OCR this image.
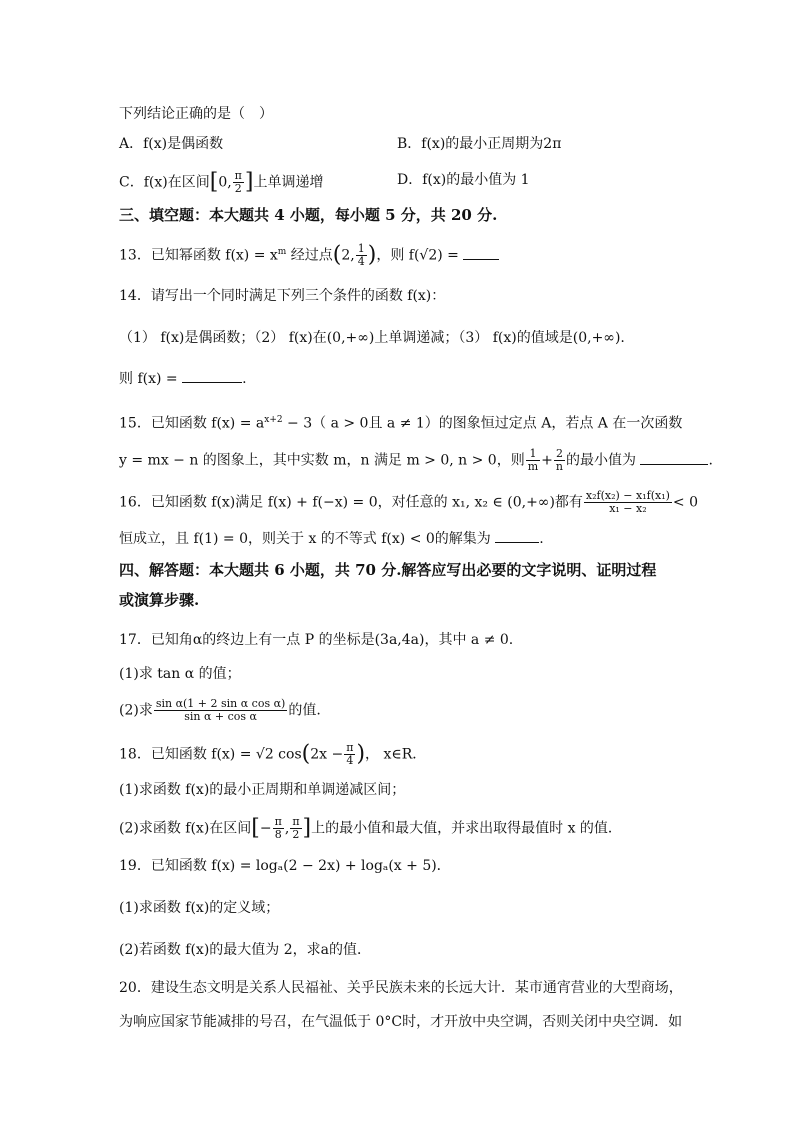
下列结论正确的是（　）
A．f(x)是偶函数	B．f(x)的最小正周期为2π
C．f(x)在区间[0, $\frac{\pi}{2}$ ]上单调递增	D．f(x)的最小值为 1
三、填空题：本大题共 4 小题，每小题 5 分，共 20 分.
13．已知幂函数 $f(x) = x^m$ 经过点(2, $\frac{1}{4}$ )，则 f(√2) =
14．请写出一个同时满足下列三个条件的函数 f(x)：
（1） f(x)是偶函数；（2） f(x)在(0,+∞)上单调递减；（3） f(x)的值域是(0,+∞).
则 f(x) =	.
15．已知函数 $f(x) = a^{x+2} - 3$（ a > 0且 a ≠ 1）的图象恒过定点 A，若点 A 在一次函数
y = mx − n 的图象上，其中实数 m，n 满足 m > 0, n > 0，则 $\frac{1}{m} + \frac{2}{n}$ 的最小值为	.
16．已知函数 f(x)满足 f(x) + f(−x) = 0，对任意的 x₁, x₂ ∈ (0,+∞)都有 $\frac{\text{x₂f(x₂) − x₁f(x₁)}}{\text{x₁ − x₂}} < 0$
恒成立，且 f(1) = 0，则关于 x 的不等式 f(x) < 0的解集为	.
四、解答题：本大题共 6 小题，共 70 分.解答应写出必要的文字说明、证明过程
或演算步骤.
17．已知角α的终边上有一点 P 的坐标是(3a,4a)，其中 a ≠ 0.
(1)求 tan α 的值；
(2)求 $\frac{\text{sin α(1 + 2 sin α cos α)}}{\text{sin α + cos α}}$ 的值.
18．已知函数 f(x) = √2 $\cos(2x - \frac{\pi}{4}$ )， x∈R．
(1)求函数 f(x)的最小正周期和单调递减区间；
(2)求函数 f(x)在区间[− $\frac{\pi}{8}$ , $\frac{\pi}{2}$ ]上的最小值和最大值，并求出取得最值时 x 的值．
19．已知函数 f(x) = logₐ(2 − 2x) + logₐ(x + 5)．
(1)求函数 f(x)的定义域；
(2)若函数 f(x)的最大值为 2，求a的值．
20．建设生态文明是关系人民福祉、关乎民族未来的长远大计．某市通宵营业的大型商场，
为响应国家节能减排的号召，在气温低于 0°C时，才开放中央空调，否则关闭中央空调．如
